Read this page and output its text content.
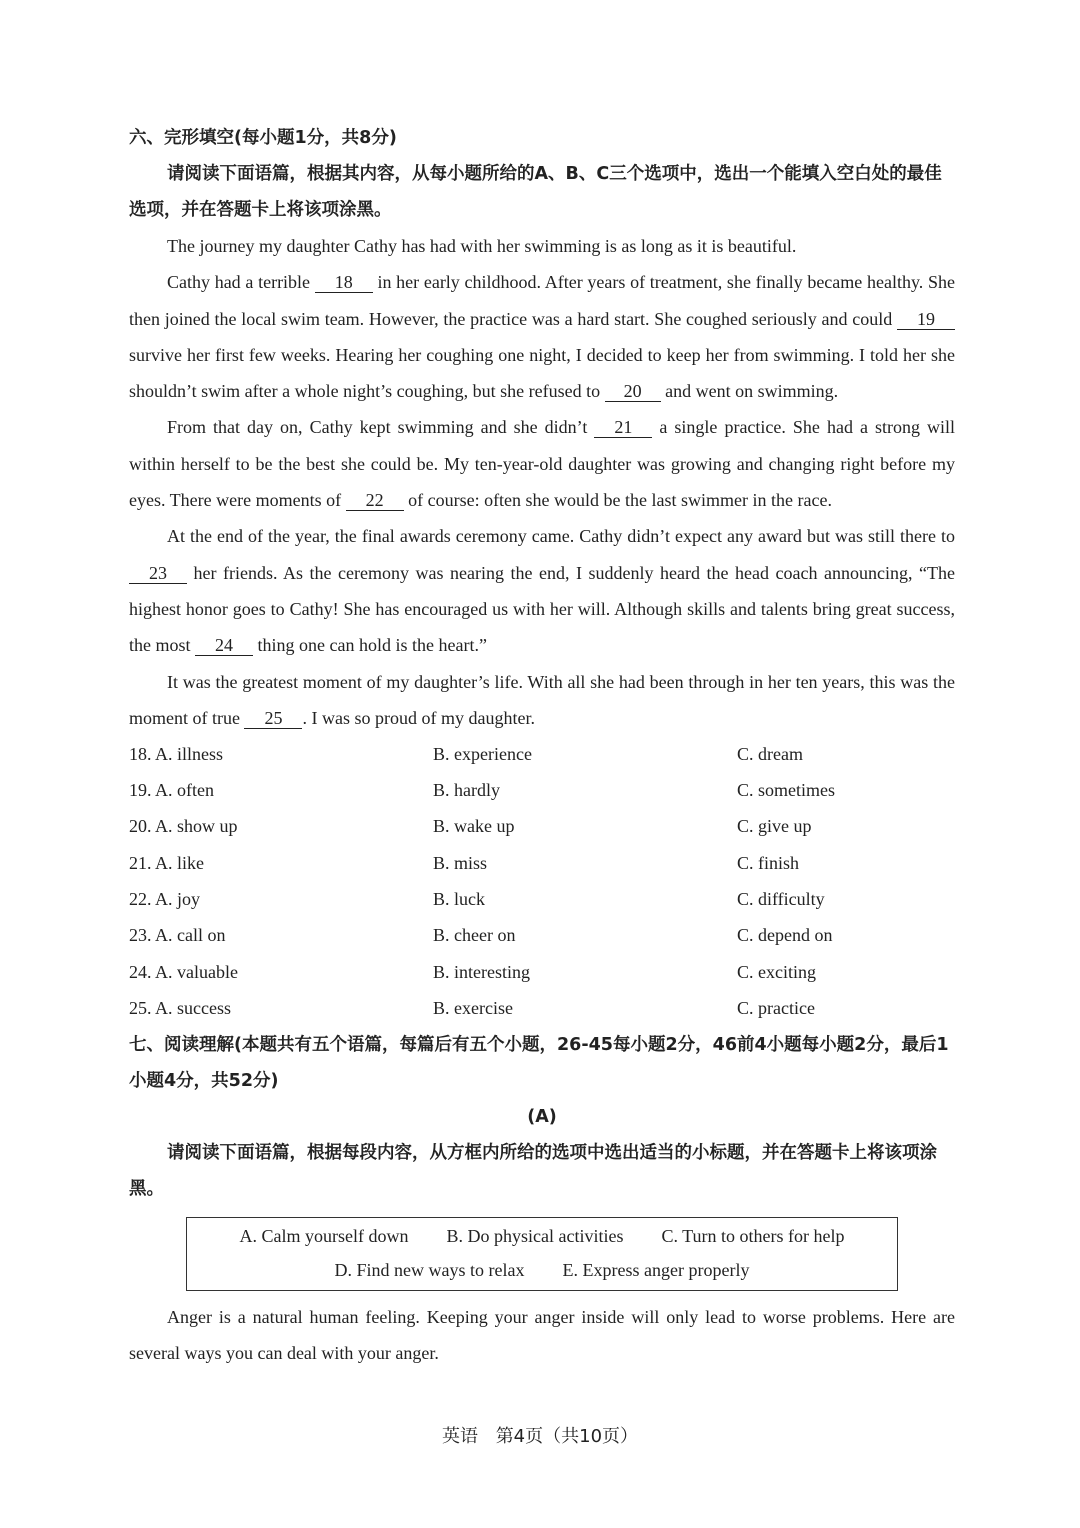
六、完形填空(每小题1分，共8分)

请阅读下面语篇，根据其内容，从每小题所给的A、B、C三个选项中，选出一个能填入空白处的最佳选项，并在答题卡上将该项涂黑。

The journey my daughter Cathy has had with her swimming is as long as it is beautiful.

Cathy had a terrible 18 in her early childhood. After years of treatment, she finally became healthy. She then joined the local swim team. However, the practice was a hard start. She coughed seriously and could 19 survive her first few weeks. Hearing her coughing one night, I decided to keep her from swimming. I told her she shouldn’t swim after a whole night’s coughing, but she refused to 20 and went on swimming.

From that day on, Cathy kept swimming and she didn’t 21 a single practice. She had a strong will within herself to be the best she could be. My ten-year-old daughter was growing and changing right before my eyes. There were moments of 22 of course: often she would be the last swimmer in the race.

At the end of the year, the final awards ceremony came. Cathy didn’t expect any award but was still there to 23 her friends. As the ceremony was nearing the end, I suddenly heard the head coach announcing, “The highest honor goes to Cathy! She has encouraged us with her will. Although skills and talents bring great success, the most 24 thing one can hold is the heart.”

It was the greatest moment of my daughter’s life. With all she had been through in her ten years, this was the moment of true 25 . I was so proud of my daughter.

18. A. illness	B. experience	C. dream
19. A. often	B. hardly	C. sometimes
20. A. show up	B. wake up	C. give up
21. A. like	B. miss	C. finish
22. A. joy	B. luck	C. difficulty
23. A. call on	B. cheer on	C. depend on
24. A. valuable	B. interesting	C. exciting
25. A. success	B. exercise	C. practice

七、阅读理解(本题共有五个语篇，每篇后有五个小题，26-45每小题2分，46前4小题每小题2分，最后1小题4分，共52分)

(A)

请阅读下面语篇，根据每段内容，从方框内所给的选项中选出适当的小标题，并在答题卡上将该项涂黑。

A. Calm yourself down B. Do physical activities C. Turn to others for help
D. Find new ways to relax E. Express anger properly

Anger is a natural human feeling. Keeping your anger inside will only lead to worse problems. Here are several ways you can deal with your anger.

英语 第4页（共10页）
